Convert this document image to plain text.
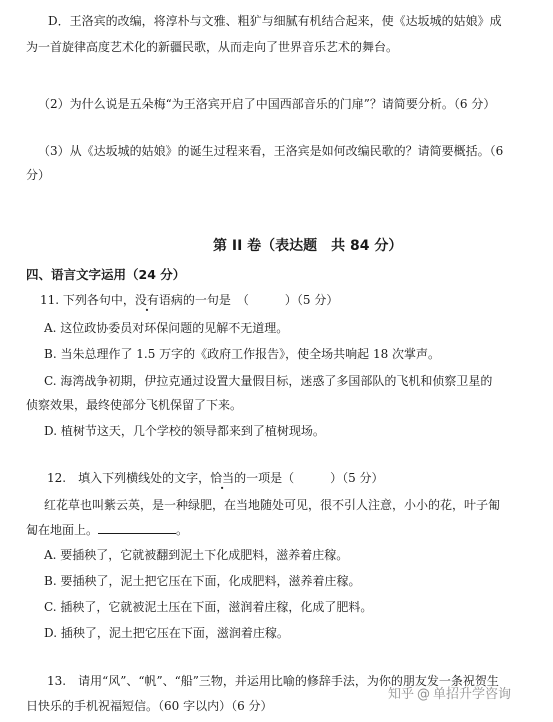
D．王洛宾的改编，将淳朴与文雅、粗犷与细腻有机结合起来，使《达坂城的姑娘》成
为一首旋律高度艺术化的新疆民歌，从而走向了世界音乐艺术的舞台。
（2）为什么说是五朵梅“为王洛宾开启了中国西部音乐的门扉”？请简要分析。（6 分）
（3）从《达坂城的姑娘》的诞生过程来看，王洛宾是如何改编民歌的？请简要概括。（6
分）
第 II 卷（表达题　共 84 分）
四、语言文字运用（24 分）
11. 下列各句中，没有语病的一句是　（　　　）（5 分）
A. 这位政协委员对环保问题的见解不无道理。
B. 当朱总理作了 1.5 万字的《政府工作报告》，使全场共响起 18 次掌声。
C. 海湾战争初期，伊拉克通过设置大量假目标，迷惑了多国部队的飞机和侦察卫星的
侦察效果，最终使部分飞机保留了下来。
D. 植树节这天，几个学校的领导都来到了植树现场。
12.　填入下列横线处的文字，恰当的一项是（　　　）（5 分）
红花草也叫紫云英，是一种绿肥，在当地随处可见，很不引人注意，小小的花，叶子匍
匐在地面上。	。
A. 要插秧了，它就被翻到泥土下化成肥料，滋养着庄稼。
B. 要插秧了，泥土把它压在下面，化成肥料，滋养着庄稼。
C. 插秧了，它就被泥土压在下面，滋润着庄稼，化成了肥料。
D. 插秧了，泥土把它压在下面，滋润着庄稼。
13.　请用“风”、“帆”、“船”三物，并运用比喻的修辞手法，为你的朋友发一条祝贺生
日快乐的手机祝福短信。（60 字以内）（6 分）
知乎 @ 单招升学咨询
